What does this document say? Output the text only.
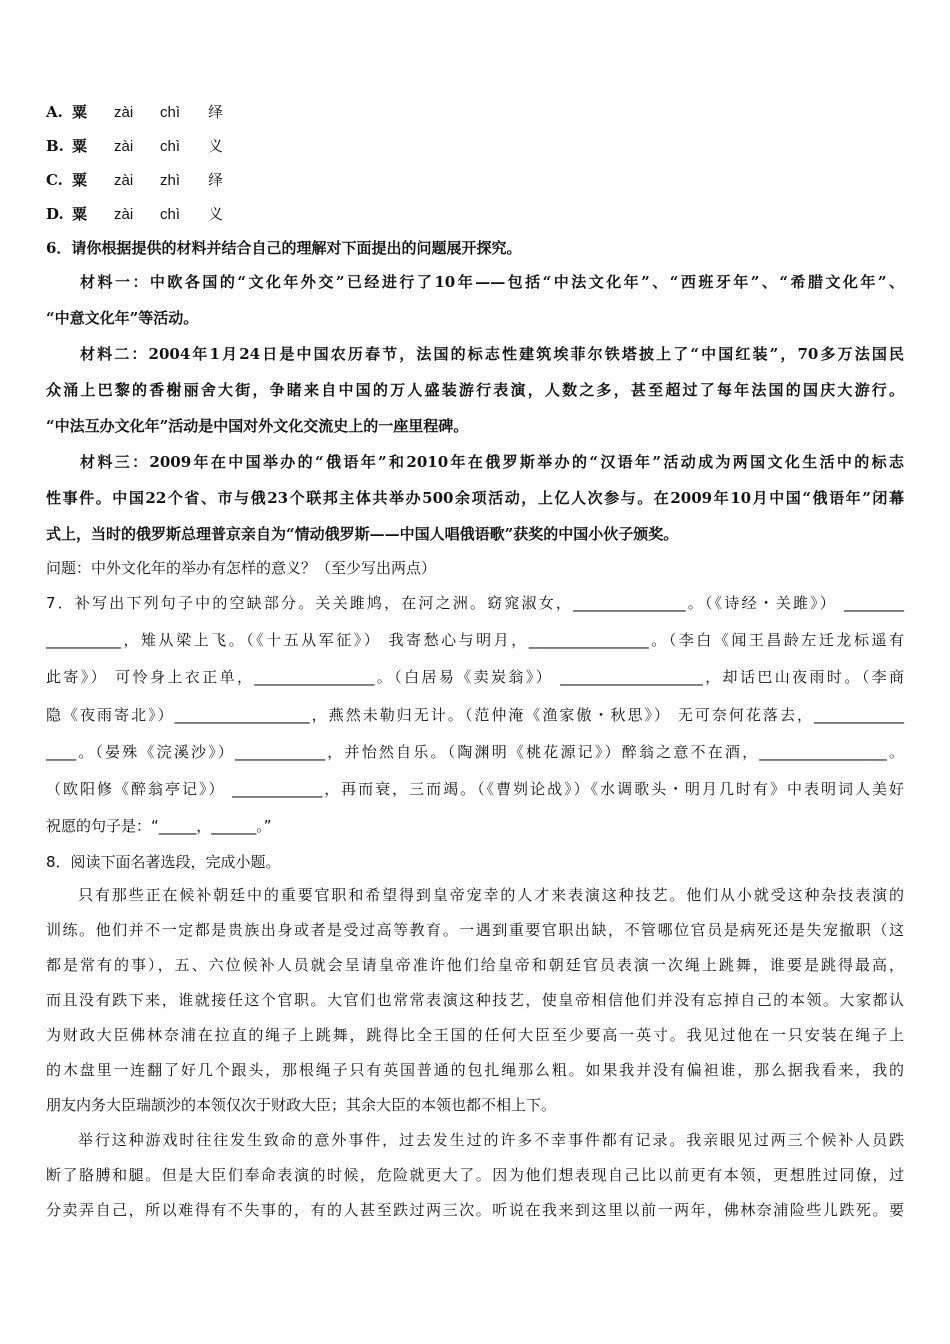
A. 粟 zài chì 绎
B. 粟 zài chì 义
C. 粟 zài zhì 绎
D. 粟 zài chì 义
6．请你根据提供的材料并结合自己的理解对下面提出的问题展开探究。
材料一：中欧各国的“文化年外交”已经进行了10年——包括“中法文化年”、“西班牙年”、“希腊文化年”、
“中意文化年”等活动。
材料二：2004年1月24日是中国农历春节，法国的标志性建筑埃菲尔铁塔披上了“中国红装”，70多万法国民
众涌上巴黎的香榭丽舍大街，争睹来自中国的万人盛装游行表演，人数之多，甚至超过了每年法国的国庆大游行。
“中法互办文化年”活动是中国对外文化交流史上的一座里程碑。
材料三：2009年在中国举办的“俄语年”和2010年在俄罗斯举办的“汉语年”活动成为两国文化生活中的标志
性事件。中国22个省、市与俄23个联邦主体共举办500余项活动，上亿人次参与。在2009年10月中国“俄语年”闭幕
式上，当时的俄罗斯总理普京亲自为“情动俄罗斯——中国人唱俄语歌”获奖的中国小伙子颁奖。
问题：中外文化年的举办有怎样的意义？（至少写出两点）
7．补写出下列句子中的空缺部分。关关雎鸠，在河之洲。窈窕淑女，_______________。（《诗经・关雎》） ________
__________，雉从梁上飞。（《十五从军征》） 我寄愁心与明月，________________。（李白《闻王昌龄左迁龙标遥有
此寄》） 可怜身上衣正单，________________。（白居易《卖炭翁》） ___________________，却话巴山夜雨时。（李商
隐《夜雨寄北》）__________________，燕然未勒归无计。（范仲淹《渔家傲・秋思》） 无可奈何花落去，____________
____。（晏殊《浣溪沙》）____________，并怡然自乐。（陶渊明《桃花源记》）醉翁之意不在酒，_________________。
（欧阳修《醉翁亭记》） ____________，再而衰，三而竭。（《曹刿论战》）《水调歌头・明月几时有》中表明词人美好
祝愿的句子是：“_____，______。”
8．阅读下面名著选段，完成小题。
只有那些正在候补朝廷中的重要官职和希望得到皇帝宠幸的人才来表演这种技艺。他们从小就受这种杂技表演的
训练。他们并不一定都是贵族出身或者是受过高等教育。一遇到重要官职出缺，不管哪位官员是病死还是失宠撤职（这
都是常有的事），五、六位候补人员就会呈请皇帝准许他们给皇帝和朝廷官员表演一次绳上跳舞，谁要是跳得最高，
而且没有跌下来，谁就接任这个官职。大官们也常常表演这种技艺，使皇帝相信他们并没有忘掉自己的本领。大家都认
为财政大臣佛林奈浦在拉直的绳子上跳舞，跳得比全王国的任何大臣至少要高一英寸。我见过他在一只安装在绳子上
的木盘里一连翻了好几个跟头，那根绳子只有英国普通的包扎绳那么粗。如果我并没有偏袒谁，那么据我看来，我的
朋友内务大臣瑞颉沙的本领仅次于财政大臣；其余大臣的本领也都不相上下。
举行这种游戏时往往发生致命的意外事件，过去发生过的许多不幸事件都有记录。我亲眼见过两三个候补人员跌
断了胳膊和腿。但是大臣们奉命表演的时候，危险就更大了。因为他们想表现自己比以前更有本领，更想胜过同僚，过
分卖弄自己，所以难得有不失事的，有的人甚至跌过两三次。听说在我来到这里以前一两年，佛林奈浦险些儿跌死。要
